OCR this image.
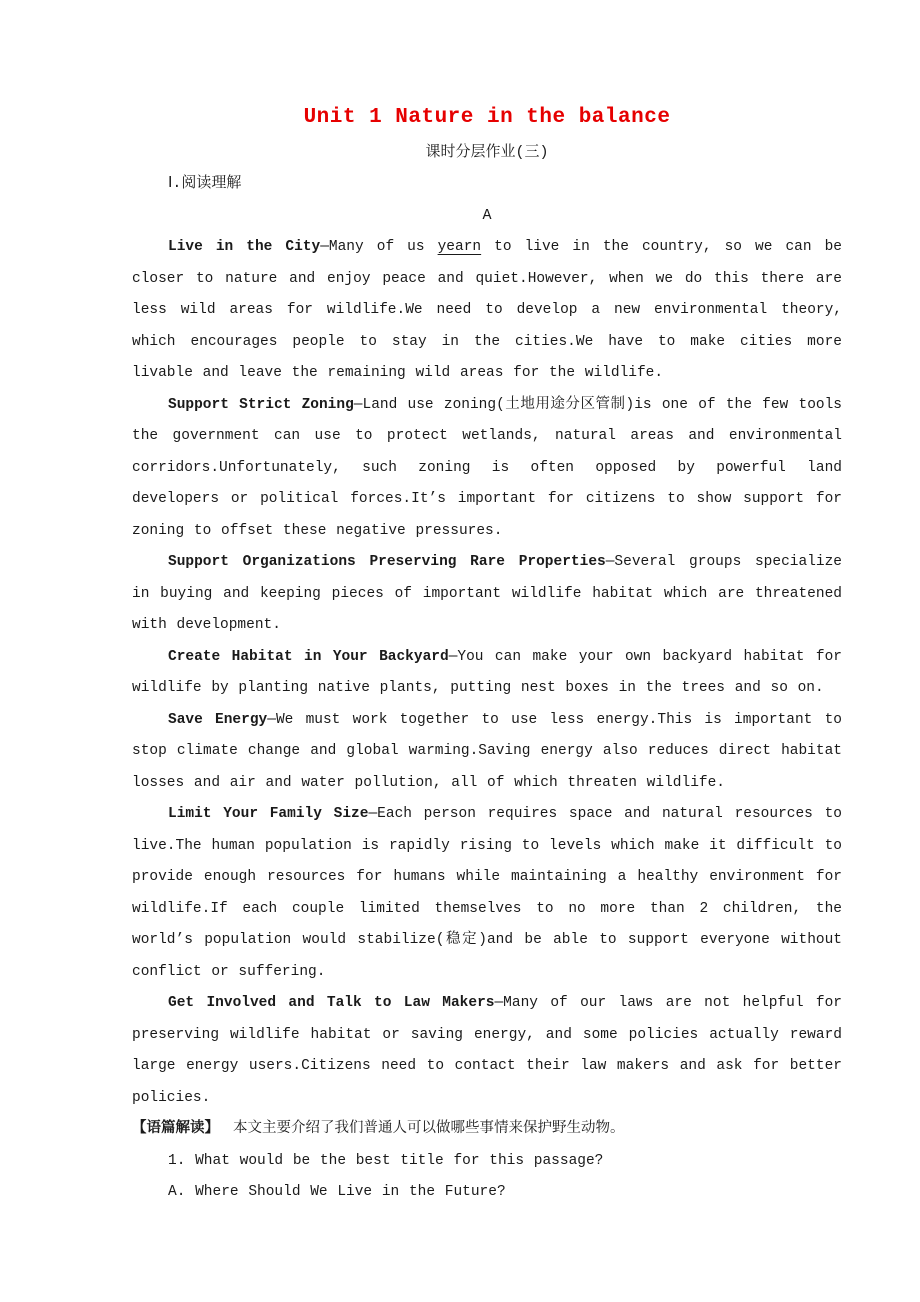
Unit 1 Nature in the balance
课时分层作业(三)
Ⅰ.阅读理解
A

Live in the City—Many of us yearn to live in the country, so we can be closer to nature and enjoy peace and quiet.However, when we do this there are less wild areas for wildlife.We need to develop a new environmental theory, which encourages people to stay in the cities.We have to make cities more livable and leave the remaining wild areas for the wildlife.

Support Strict Zoning—Land use zoning(土地用途分区管制)is one of the few tools the government can use to protect wetlands, natural areas and environmental corridors.Unfortunately, such zoning is often opposed by powerful land developers or political forces.It’s important for citizens to show support for zoning to offset these negative pressures.

Support Organizations Preserving Rare Properties—Several groups specialize in buying and keeping pieces of important wildlife habitat which are threatened with development.

Create Habitat in Your Backyard—You can make your own backyard habitat for wildlife by planting native plants, putting nest boxes in the trees and so on.

Save Energy—We must work together to use less energy.This is important to stop climate change and global warming.Saving energy also reduces direct habitat losses and air and water pollution, all of which threaten wildlife.

Limit Your Family Size—Each person requires space and natural resources to live.The human population is rapidly rising to levels which make it difficult to provide enough resources for humans while maintaining a healthy environment for wildlife.If each couple limited themselves to no more than 2 children, the world’s population would stabilize(稳定)and be able to support everyone without conflict or suffering.

Get Involved and Talk to Law Makers—Many of our laws are not helpful for preserving wildlife habitat or saving energy, and some policies actually reward large energy users.Citizens need to contact their law makers and ask for better policies.

【语篇解读】 本文主要介绍了我们普通人可以做哪些事情来保护野生动物。

1. What would be the best title for this passage?

A. Where Should We Live in the Future?
